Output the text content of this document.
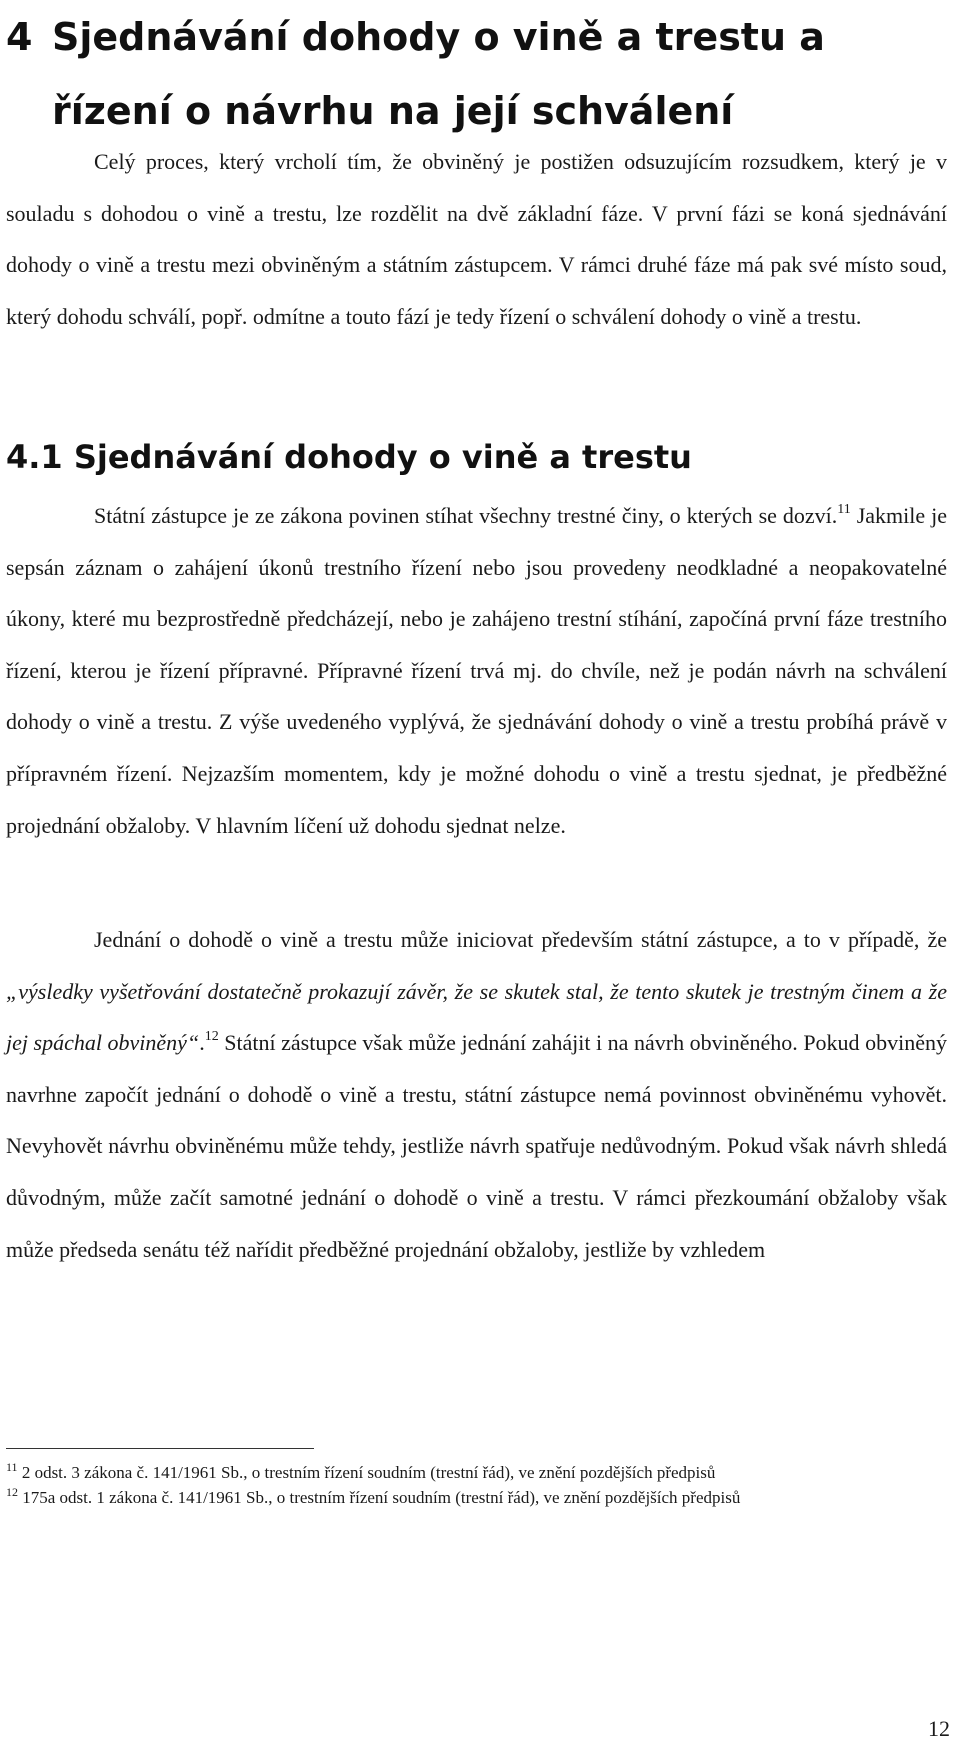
4 Sjednávání dohody o vině a trestu a
řízení o návrhu na její schválení
Celý proces, který vrcholí tím, že obviněný je postižen odsuzujícím rozsudkem, který je v souladu s dohodou o vině a trestu, lze rozdělit na dvě základní fáze. V první fázi se koná sjednávání dohody o vině a trestu mezi obviněným a státním zástupcem. V rámci druhé fáze má pak své místo soud, který dohodu schválí, popř. odmítne a touto fází je tedy řízení o schválení dohody o vině a trestu.
4.1 Sjednávání dohody o vině a trestu
Státní zástupce je ze zákona povinen stíhat všechny trestné činy, o kterých se dozví.$^{11}$ Jakmile je sepsán záznam o zahájení úkonů trestního řízení nebo jsou provedeny neodkladné a neopakovatelné úkony, které mu bezprostředně předcházejí, nebo je zahájeno trestní stíhání, započíná první fáze trestního řízení, kterou je řízení přípravné. Přípravné řízení trvá mj. do chvíle, než je podán návrh na schválení dohody o vině a trestu. Z výše uvedeného vyplývá, že sjednávání dohody o vině a trestu probíhá právě v přípravném řízení. Nejzazším momentem, kdy je možné dohodu o vině a trestu sjednat, je předběžné projednání obžaloby. V hlavním líčení už dohodu sjednat nelze.
Jednání o dohodě o vině a trestu může iniciovat především státní zástupce, a to v případě, že „výsledky vyšetřování dostatečně prokazují závěr, že se skutek stal, že tento skutek je trestným činem a že jej spáchal obviněný“.$^{12}$ Státní zástupce však může jednání zahájit i na návrh obviněného. Pokud obviněný navrhne započít jednání o dohodě o vině a trestu, státní zástupce nemá povinnost obviněnému vyhovět. Nevyhovět návrhu obviněnému může tehdy, jestliže návrh spatřuje nedůvodným. Pokud však návrh shledá důvodným, může začít samotné jednání o dohodě o vině a trestu. V rámci přezkoumání obžaloby však může předseda senátu též nařídit předběžné projednání obžaloby, jestliže by vzhledem
$^{11}$ 2 odst. 3 zákona č. 141/1961 Sb., o trestním řízení soudním (trestní řád), ve znění pozdějších předpisů
$^{12}$ 175a odst. 1 zákona č. 141/1961 Sb., o trestním řízení soudním (trestní řád), ve znění pozdějších předpisů
12
